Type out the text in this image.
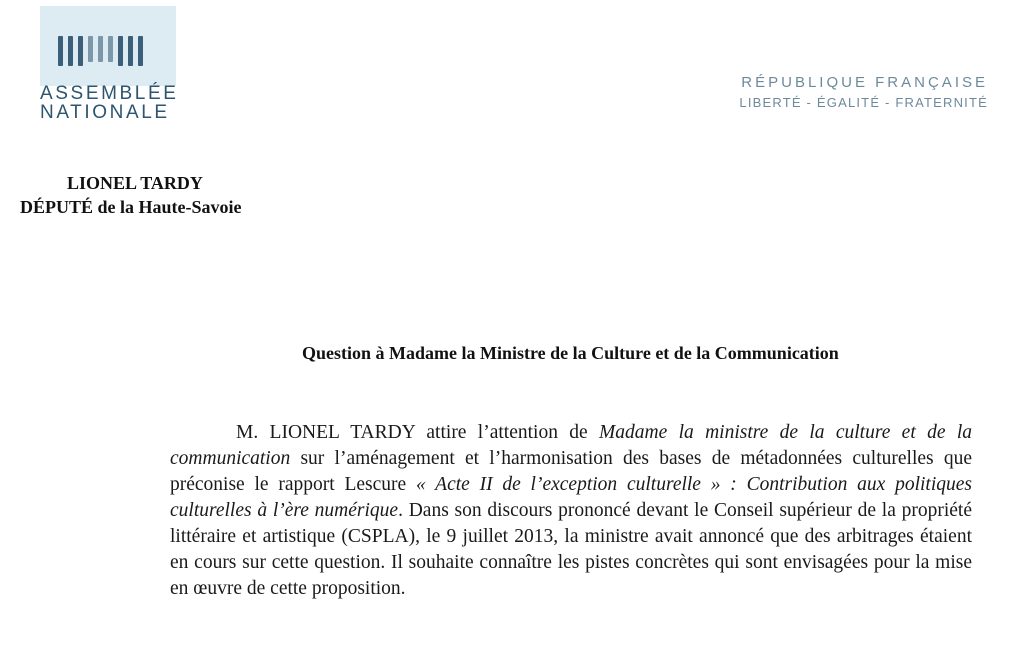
ASSEMBLÉE
NATIONALE
RÉPUBLIQUE FRANÇAISE
LIBERTÉ - ÉGALITÉ - FRATERNITÉ
LIONEL TARDY
DÉPUTÉ de la Haute-Savoie
Question à Madame la Ministre de la Culture et de la Communication
M. LIONEL TARDY attire l’attention de Madame la ministre de la culture et de la communication sur l’aménagement et l’harmonisation des bases de métadonnées culturelles que préconise le rapport Lescure « Acte II de l’exception culturelle » : Contribution aux politiques culturelles à l’ère numérique. Dans son discours prononcé devant le Conseil supérieur de la propriété littéraire et artistique (CSPLA), le 9 juillet 2013, la ministre avait annoncé que des arbitrages étaient en cours sur cette question. Il souhaite connaître les pistes concrètes qui sont envisagées pour la mise en œuvre de cette proposition.
